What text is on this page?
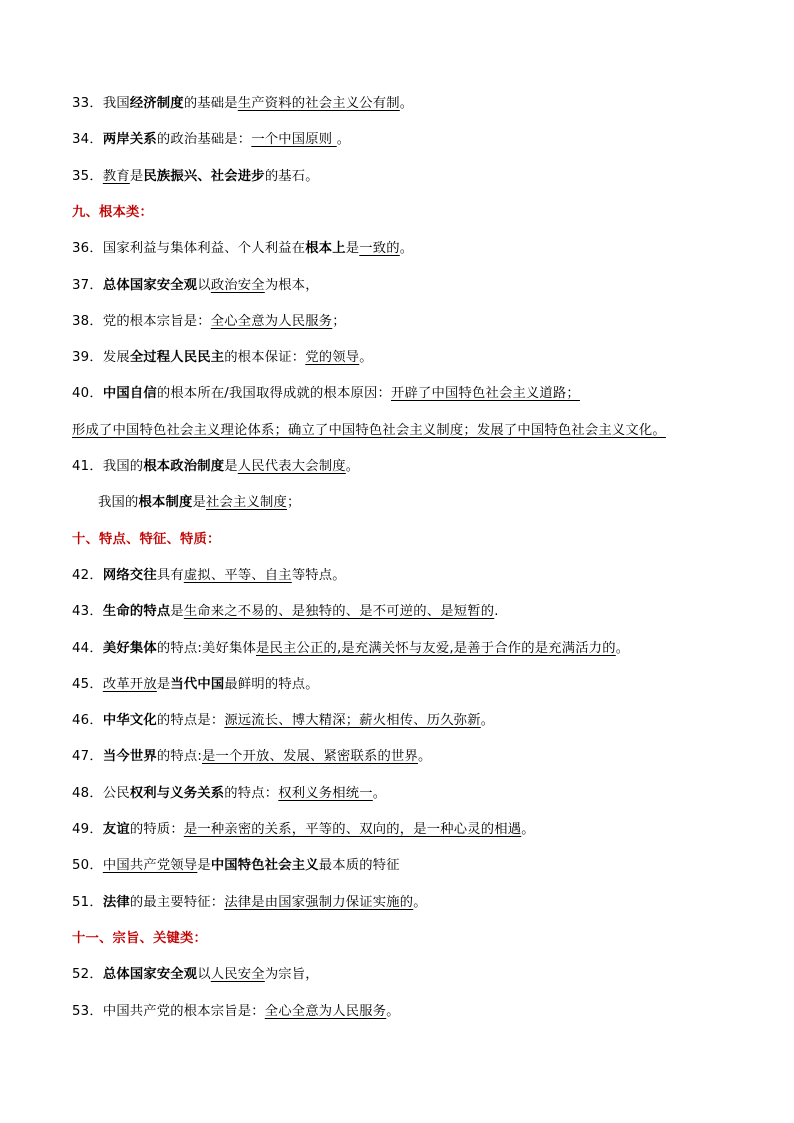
33．我国经济制度的基础是生产资料的社会主义公有制。
34．两岸关系的政治基础是：一个中国原则 。
35．教育是民族振兴、社会进步的基石。
九、根本类：
36．国家利益与集体利益、个人利益在根本上是一致的。
37．总体国家安全观以政治安全为根本，
38．党的根本宗旨是：全心全意为人民服务；
39．发展全过程人民民主的根本保证：党的领导。
40．中国自信的根本所在/我国取得成就的根本原因：开辟了中国特色社会主义道路；
形成了中国特色社会主义理论体系；确立了中国特色社会主义制度；发展了中国特色社会主义文化。
41．我国的根本政治制度是人民代表大会制度。
我国的根本制度是社会主义制度；
十、特点、特征、特质：
42．网络交往具有虚拟、平等、自主等特点。
43．生命的特点是生命来之不易的、是独特的、是不可逆的、是短暂的.
44．美好集体的特点:美好集体是民主公正的,是充满关怀与友爱,是善于合作的是充满活力的。
45．改革开放是当代中国最鲜明的特点。
46．中华文化的特点是：源远流长、博大精深；薪火相传、历久弥新。
47．当今世界的特点:是一个开放、发展、紧密联系的世界。
48．公民权利与义务关系的特点：权利义务相统一。
49．友谊的特质：是一种亲密的关系，平等的、双向的，是一种心灵的相遇。
50．中国共产党领导是中国特色社会主义最本质的特征
51．法律的最主要特征：法律是由国家强制力保证实施的。
十一、宗旨、关键类：
52．总体国家安全观以人民安全为宗旨，
53．中国共产党的根本宗旨是：全心全意为人民服务。
